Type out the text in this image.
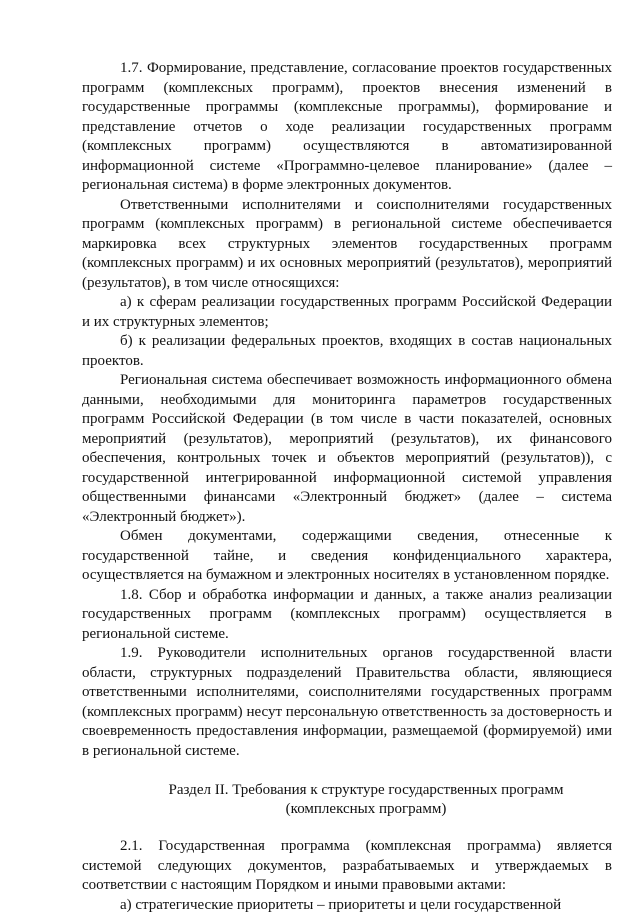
1.7. Формирование, представление, согласование проектов государственных программ (комплексных программ), проектов внесения изменений в государственные программы (комплексные программы), формирование и представление отчетов о ходе реализации государственных программ (комплексных программ) осуществляются в автоматизированной информационной системе «Программно-целевое планирование» (далее – региональная система) в форме электронных документов.

Ответственными исполнителями и соисполнителями государственных программ (комплексных программ) в региональной системе обеспечивается маркировка всех структурных элементов государственных программ (комплексных программ) и их основных мероприятий (результатов), мероприятий (результатов), в том числе относящихся:

а) к сферам реализации государственных программ Российской Федерации и их структурных элементов;

б) к реализации федеральных проектов, входящих в состав национальных проектов.

Региональная система обеспечивает возможность информационного обмена данными, необходимыми для мониторинга параметров государственных программ Российской Федерации (в том числе в части показателей, основных мероприятий (результатов), мероприятий (результатов), их финансового обеспечения, контрольных точек и объектов мероприятий (результатов)), с государственной интегрированной информационной системой управления общественными финансами «Электронный бюджет» (далее – система «Электронный бюджет»).

Обмен документами, содержащими сведения, отнесенные к государственной тайне, и сведения конфиденциального характера, осуществляется на бумажном и электронных носителях в установленном порядке.

1.8. Сбор и обработка информации и данных, а также анализ реализации государственных программ (комплексных программ) осуществляется в региональной системе.

1.9. Руководители исполнительных органов государственной власти области, структурных подразделений Правительства области, являющиеся ответственными исполнителями, соисполнителями государственных программ (комплексных программ) несут персональную ответственность за достоверность и своевременность предоставления информации, размещаемой (формируемой) ими в региональной системе.

Раздел II. Требования к структуре государственных программ
(комплексных программ)

2.1. Государственная программа (комплексная программа) является системой следующих документов, разрабатываемых и утверждаемых в соответствии с настоящим Порядком и иными правовыми актами:

а) стратегические приоритеты – приоритеты и цели государственной
